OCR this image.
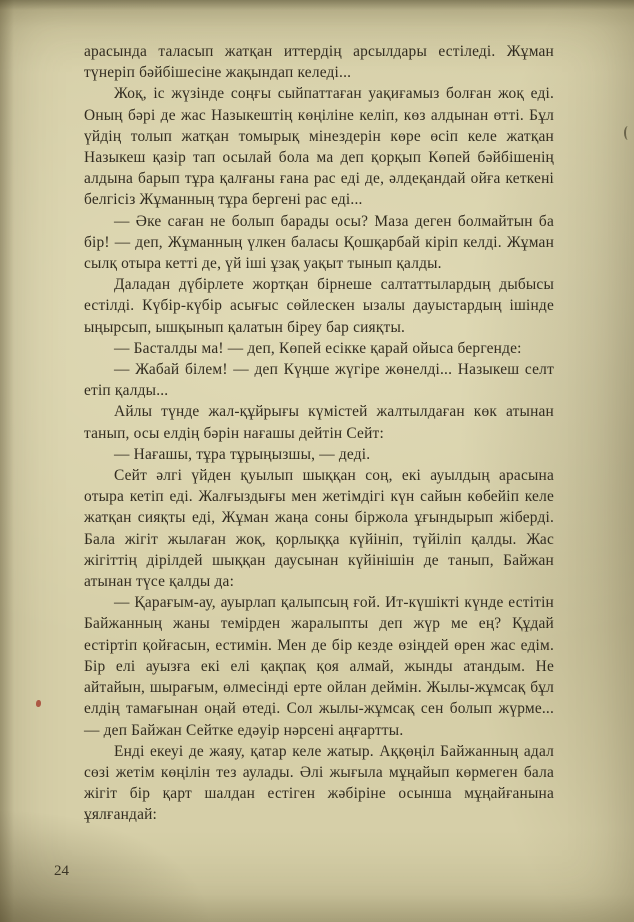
арасында таласып жатқан иттердің арсылдары естіледі. Жұман түнеріп бәйбішесіне жақындап келеді...

Жоқ, іс жүзінде соңғы сыйпаттаған уақиғамыз болған жоқ еді. Оның бәрі де жас Назыкештің көңіліне келіп, көз алдынан өтті. Бұл үйдің толып жатқан томырық мінездерін көре өсіп келе жатқан Назыкеш қазір тап осылай бола ма деп қорқып Көпей бәйбішенің алдына барып тұра қалғаны ғана рас еді де, әлдеқандай ойға кеткені белгісіз Жұманның тұра бергені рас еді...

— Әке саған не болып барады осы? Маза деген болмайтын ба бір! — деп, Жұманның үлкен баласы Қошқарбай кіріп келді. Жұман сылқ отыра кетті де, үй іші ұзақ уақыт тынып қалды.

Даладан дүбірлете жортқан бірнеше салтаттылардың дыбысы естілді. Күбір-күбір асығыс сөйлескен ызалы дауыстардың ішінде ыңырсып, ышқынып қалатын біреу бар сияқты.

— Басталды ма! — деп, Көпей есікке қарай ойыса бергенде:

— Жабай білем! — деп Күңше жүгіре жөнелді... Назыкеш селт етіп қалды...

Айлы түнде жал-құйрығы күмістей жалтылдаған көк атынан танып, осы елдің бәрін нағашы дейтін Сейт:

— Нағашы, тұра тұрыңызшы, — деді.

Сейт әлгі үйден қуылып шыққан соң, екі ауылдың арасына отыра кетіп еді. Жалғыздығы мен жетімдігі күн сайын көбейіп келе жатқан сияқты еді, Жұман жаңа соны біржола ұғындырып жіберді. Бала жігіт жылаған жоқ, қорлыққа күйініп, түйіліп қалды. Жас жігіттің дірілдей шыққан даусынан күйінішін де танып, Байжан атынан түсе қалды да:

— Қарағым-ау, ауырлап қалыпсың ғой. Ит-күшікті күнде естітін Байжанның жаны темірден жаралыпты деп жүр ме ең? Құдай естіртіп қойғасын, естимін. Мен де бір кезде өзіңдей өрен жас едім. Бір елі ауызға екі елі қақпақ қоя алмай, жынды атандым. Не айтайын, шырағым, өлмесінді ерте ойлан деймін. Жылы-жұмсақ бұл елдің тамағынан оңай өтеді. Сол жылы-жұмсақ сен болып жүрме... — деп Байжан Сейтке едәуір нәрсені аңғартты.

Енді екеуі де жаяу, қатар келе жатыр. Аққөңіл Байжанның адал сөзі жетім көңілін тез аулады. Әлі жығыла мұңайып көрмеген бала жігіт бір қарт шалдан естіген жәбіріне осынша мұңайғанына ұялғандай:

24
